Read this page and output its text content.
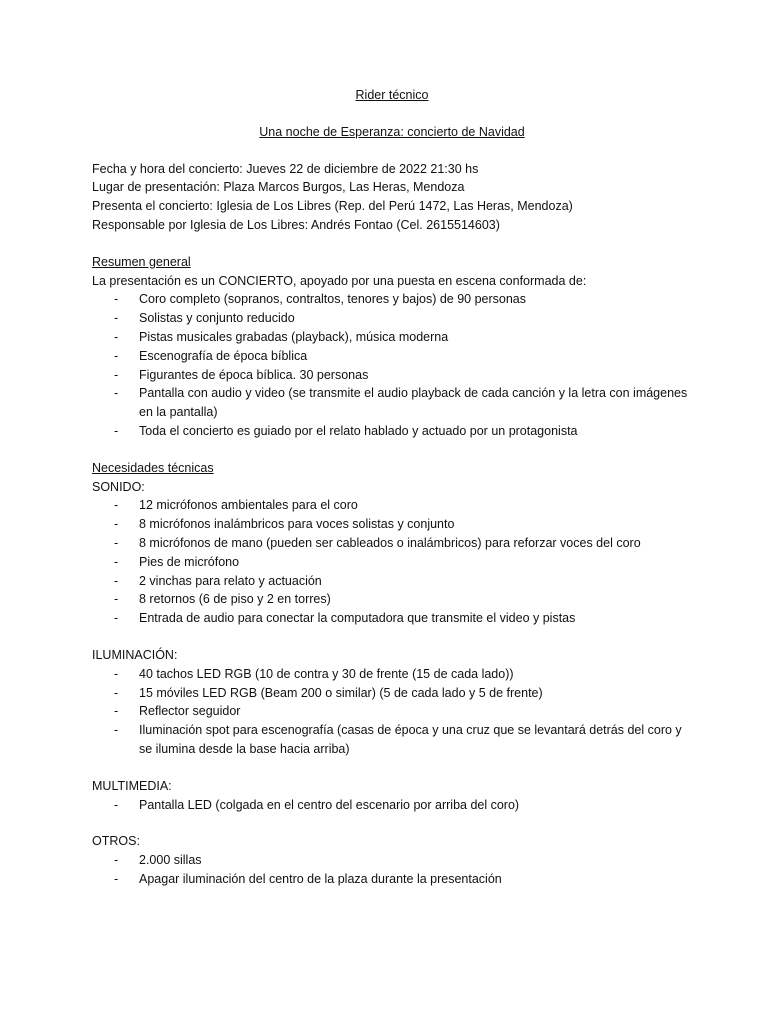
Rider técnico

Una noche de Esperanza: concierto de Navidad

Fecha y hora del concierto: Jueves 22 de diciembre de 2022 21:30 hs

Lugar de presentación: Plaza Marcos Burgos, Las Heras, Mendoza

Presenta el concierto: Iglesia de Los Libres (Rep. del Perú 1472, Las Heras, Mendoza)

Responsable por Iglesia de Los Libres: Andrés Fontao (Cel. 2615514603)

Resumen general

La presentación es un CONCIERTO, apoyado por una puesta en escena conformada de:

- Coro completo (sopranos, contraltos, tenores y bajos) de 90 personas
- Solistas y conjunto reducido
- Pistas musicales grabadas (playback), música moderna
- Escenografía de época bíblica
- Figurantes de época bíblica. 30 personas
- Pantalla con audio y video (se transmite el audio playback de cada canción y la letra con imágenes en la pantalla)
- Toda el concierto es guiado por el relato hablado y actuado por un protagonista

Necesidades técnicas

SONIDO:

- 12 micrófonos ambientales para el coro
- 8 micrófonos inalámbricos para voces solistas y conjunto
- 8 micrófonos de mano (pueden ser cableados o inalámbricos) para reforzar voces del coro
- Pies de micrófono
- 2 vinchas para relato y actuación
- 8 retornos (6 de piso y 2 en torres)
- Entrada de audio para conectar la computadora que transmite el video y pistas

ILUMINACIÓN:

- 40 tachos LED RGB (10 de contra y 30 de frente (15 de cada lado))
- 15 móviles LED RGB (Beam 200 o similar) (5 de cada lado y 5 de frente)
- Reflector seguidor
- Iluminación spot para escenografía (casas de época y una cruz que se levantará detrás del coro y se ilumina desde la base hacia arriba)

MULTIMEDIA:

- Pantalla LED (colgada en el centro del escenario por arriba del coro)

OTROS:

- 2.000 sillas
- Apagar iluminación del centro de la plaza durante la presentación
